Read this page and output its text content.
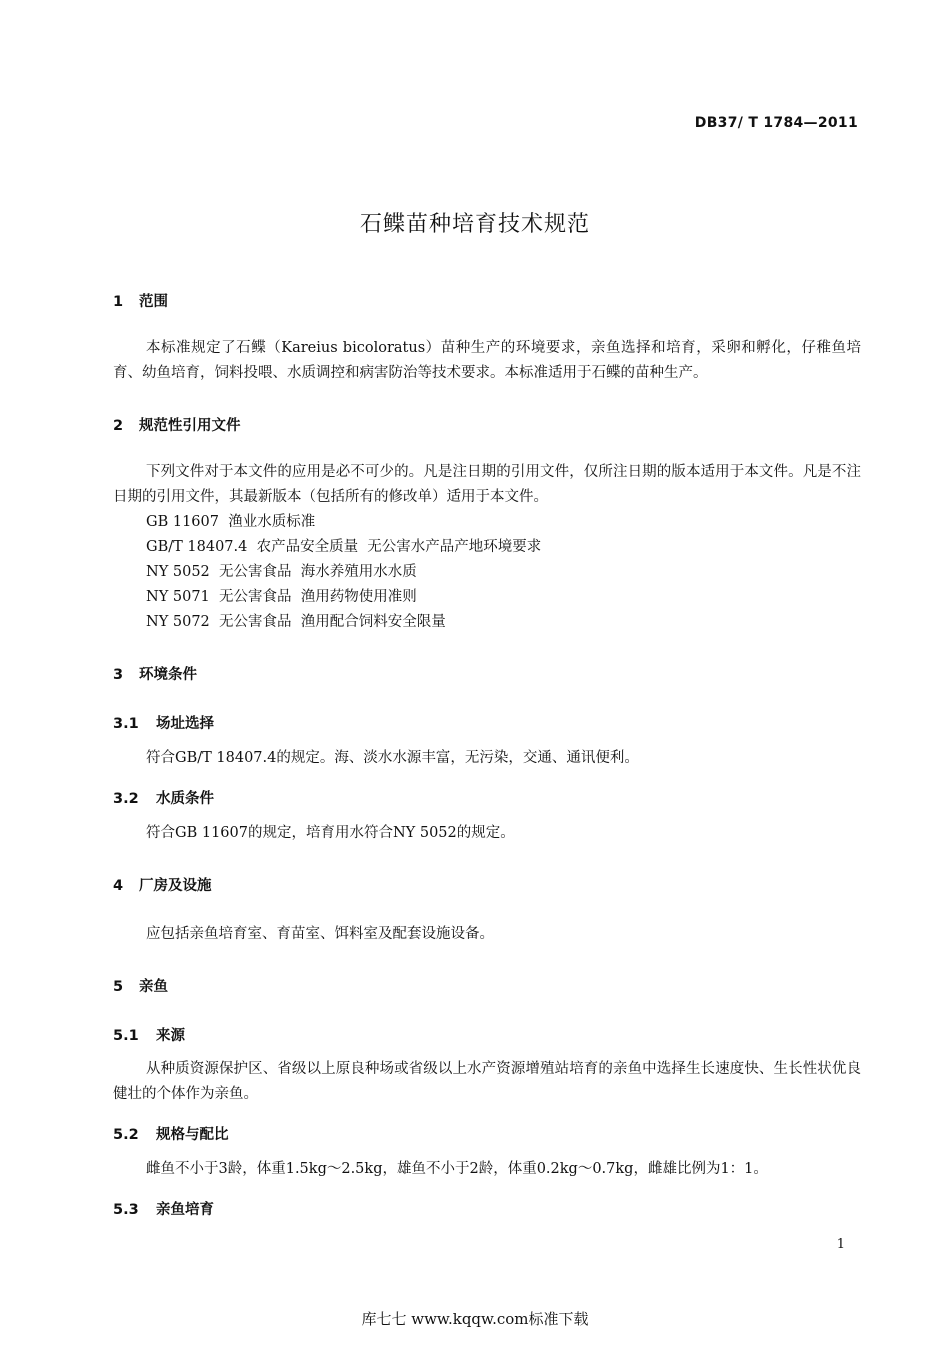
DB37/ T 1784—2011
石鲽苗种培育技术规范
1 范围
本标准规定了石鲽（Kareius bicoloratus）苗种生产的环境要求，亲鱼选择和培育，采卵和孵化，仔稚鱼培育、幼鱼培育，饲料投喂、水质调控和病害防治等技术要求。本标准适用于石鲽的苗种生产。
2 规范性引用文件
下列文件对于本文件的应用是必不可少的。凡是注日期的引用文件，仅所注日期的版本适用于本文件。凡是不注日期的引用文件，其最新版本（包括所有的修改单）适用于本文件。
GB 11607  渔业水质标准
GB/T 18407.4  农产品安全质量  无公害水产品产地环境要求
NY 5052  无公害食品  海水养殖用水水质
NY 5071  无公害食品  渔用药物使用准则
NY 5072  无公害食品  渔用配合饲料安全限量
3 环境条件
3.1 场址选择
符合GB/T 18407.4的规定。海、淡水水源丰富，无污染，交通、通讯便利。
3.2 水质条件
符合GB 11607的规定，培育用水符合NY 5052的规定。
4 厂房及设施
应包括亲鱼培育室、育苗室、饵料室及配套设施设备。
5 亲鱼
5.1 来源
从种质资源保护区、省级以上原良种场或省级以上水产资源增殖站培育的亲鱼中选择生长速度快、生长性状优良健壮的个体作为亲鱼。
5.2 规格与配比
雌鱼不小于3龄，体重1.5kg～2.5kg，雄鱼不小于2龄，体重0.2kg～0.7kg，雌雄比例为1：1。
5.3 亲鱼培育
1
库七七 www.kqqw.com标准下载
